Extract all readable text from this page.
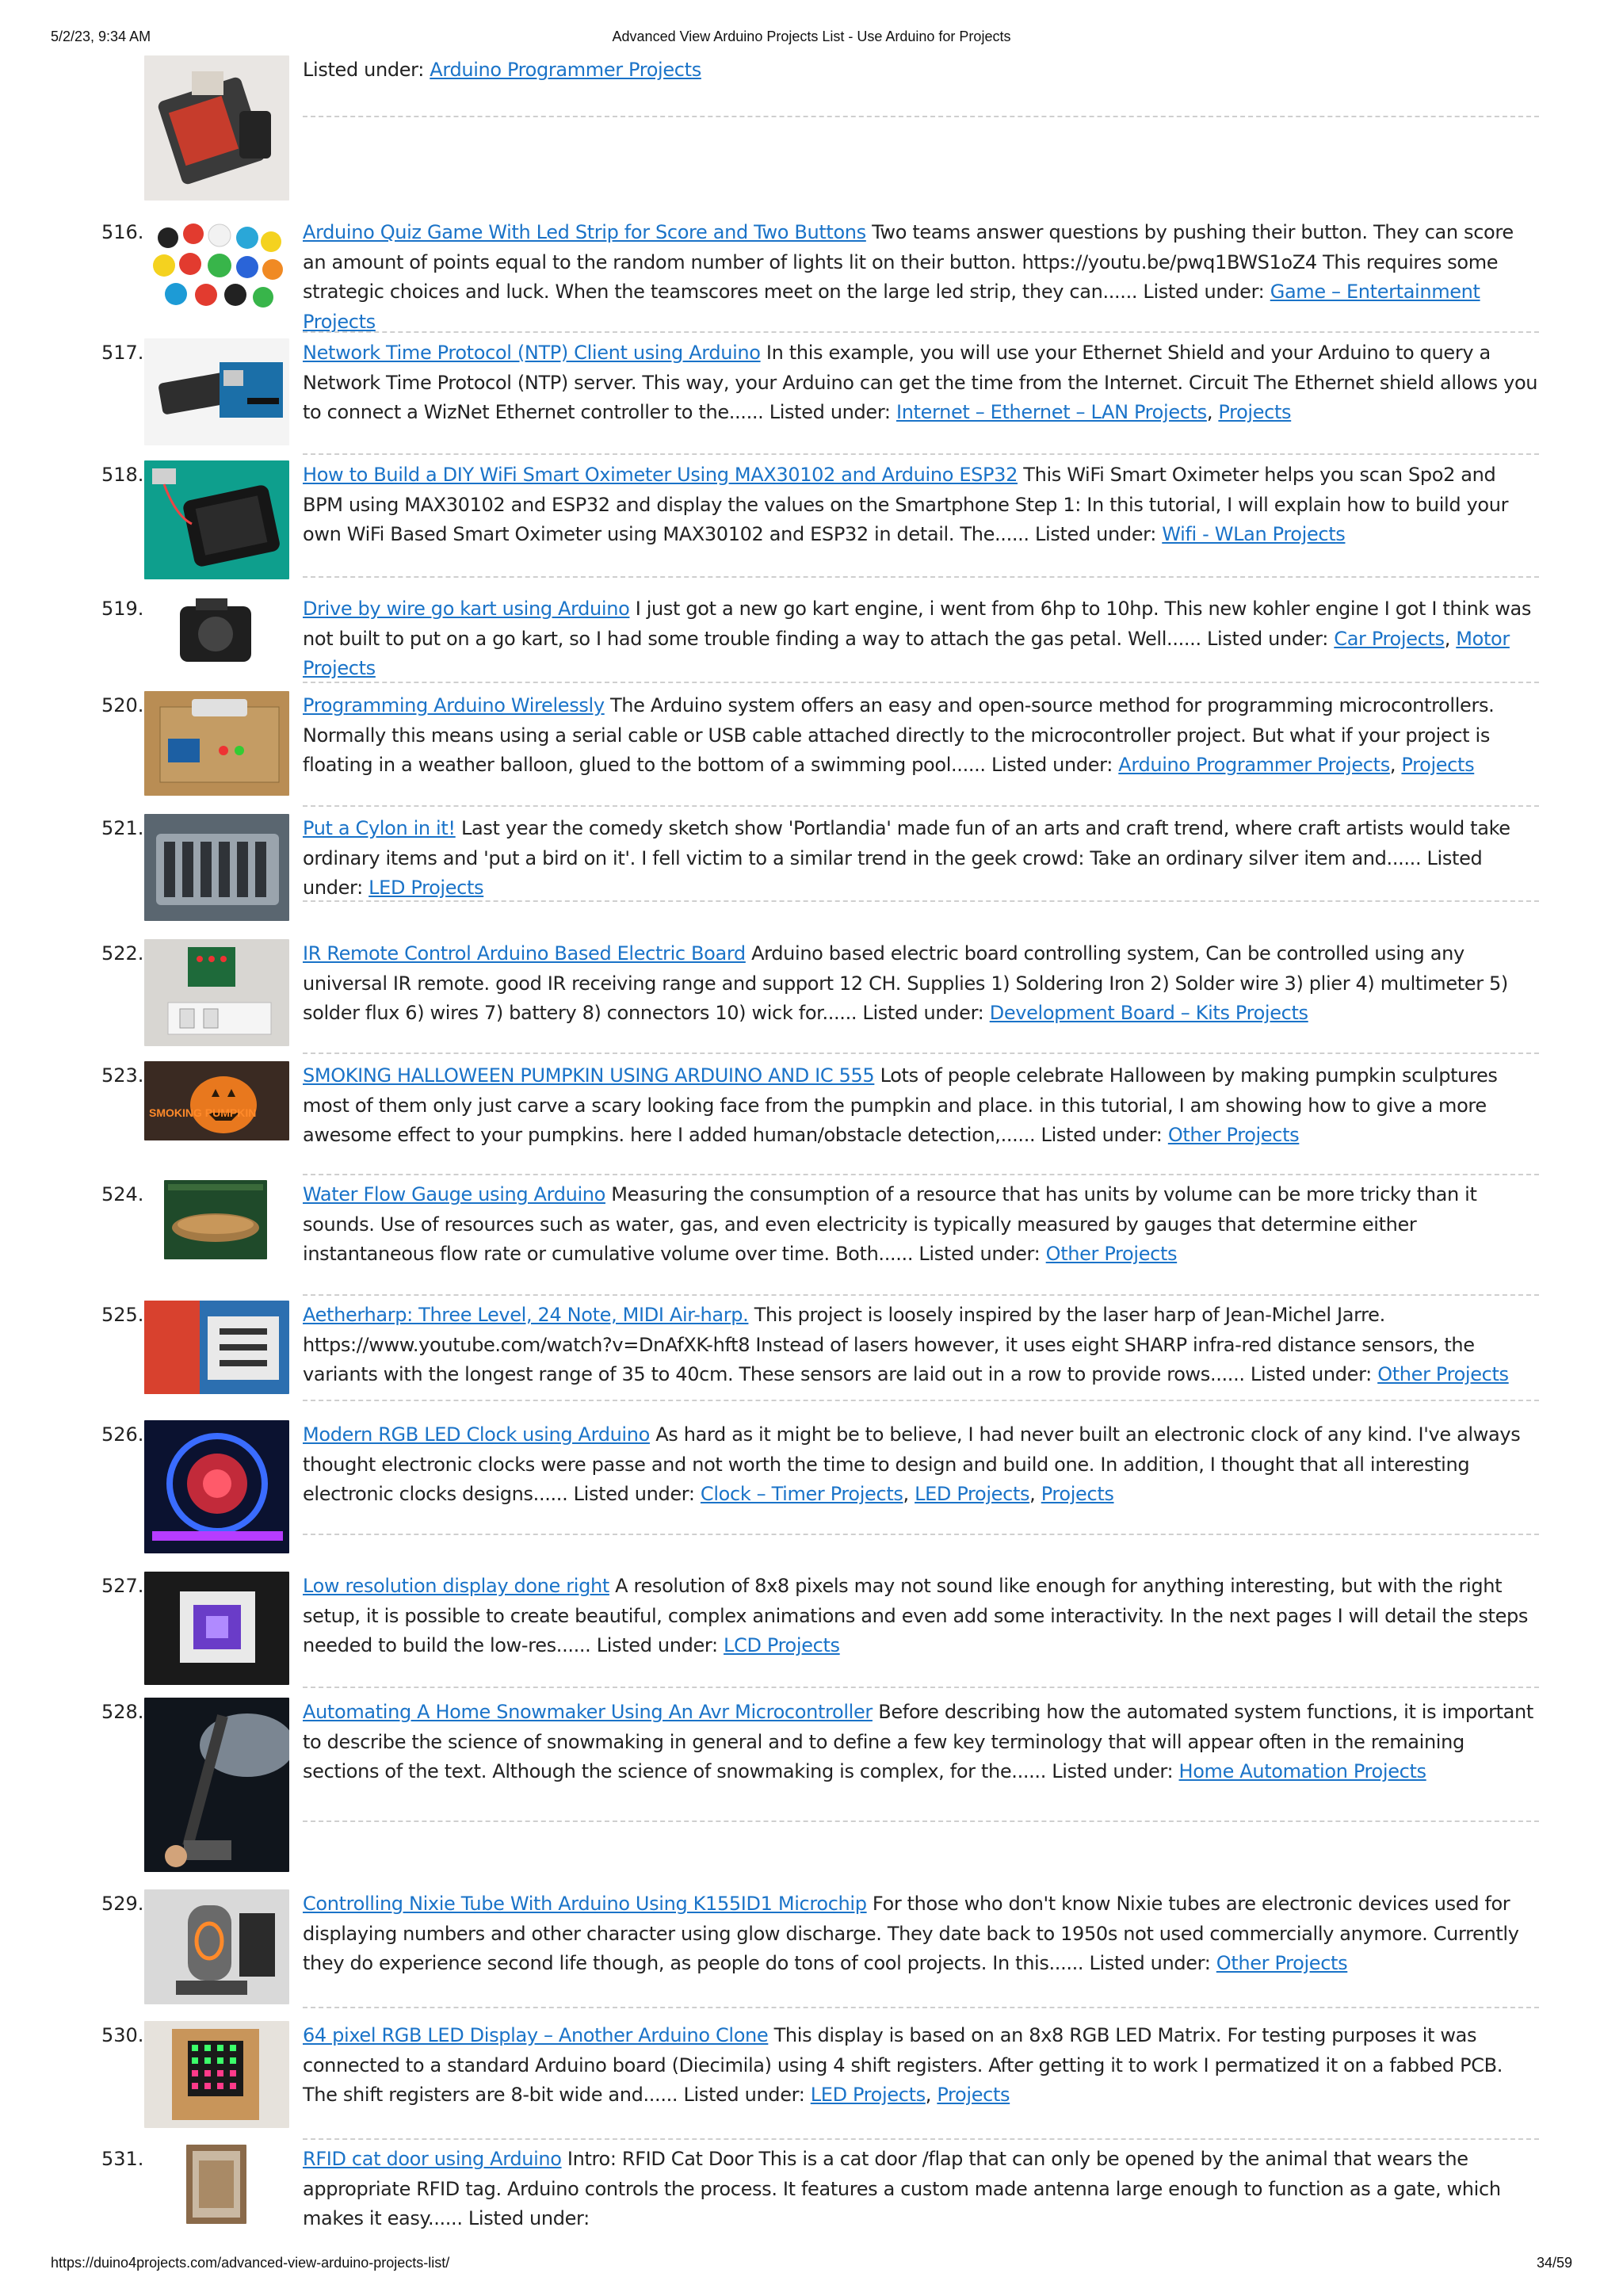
5/2/23, 9:34 AM	Advanced View Arduino Projects List - Use Arduino for Projects
Listed under: Arduino Programmer Projects
516.	Arduino Quiz Game With Led Strip for Score and Two Buttons Two teams answer questions by pushing their button. They can score an amount of points equal to the random number of lights lit on their button. https://youtu.be/pwq1BWS1oZ4 This requires some strategic choices and luck. When the teamscores meet on the large led strip, they can...... Listed under: Game – Entertainment Projects
517.	Network Time Protocol (NTP) Client using Arduino In this example, you will use your Ethernet Shield and your Arduino to query a Network Time Protocol (NTP) server. This way, your Arduino can get the time from the Internet. Circuit The Ethernet shield allows you to connect a WizNet Ethernet controller to the...... Listed under: Internet – Ethernet – LAN Projects, Projects
518.	How to Build a DIY WiFi Smart Oximeter Using MAX30102 and Arduino ESP32 This WiFi Smart Oximeter helps you scan Spo2 and BPM using MAX30102 and ESP32 and display the values on the Smartphone Step 1: In this tutorial, I will explain how to build your own WiFi Based Smart Oximeter using MAX30102 and ESP32 in detail. The...... Listed under: Wifi - WLan Projects
519.	Drive by wire go kart using Arduino I just got a new go kart engine, i went from 6hp to 10hp. This new kohler engine I got I think was not built to put on a go kart, so I had some trouble finding a way to attach the gas petal. Well...... Listed under: Car Projects, Motor Projects
520.	Programming Arduino Wirelessly The Arduino system offers an easy and open-source method for programming microcontrollers. Normally this means using a serial cable or USB cable attached directly to the microcontroller project. But what if your project is floating in a weather balloon, glued to the bottom of a swimming pool...... Listed under: Arduino Programmer Projects, Projects
521.	Put a Cylon in it! Last year the comedy sketch show 'Portlandia' made fun of an arts and craft trend, where craft artists would take ordinary items and 'put a bird on it'. I fell victim to a similar trend in the geek crowd: Take an ordinary silver item and...... Listed under: LED Projects
522.	IR Remote Control Arduino Based Electric Board Arduino based electric board controlling system, Can be controlled using any universal IR remote. good IR receiving range and support 12 CH. Supplies 1) Soldering Iron 2) Solder wire 3) plier 4) multimeter 5) solder flux 6) wires 7) battery 8) connectors 10) wick for...... Listed under: Development Board – Kits Projects
523.
SMOKING PUMPKIN
SMOKING HALLOWEEN PUMPKIN USING ARDUINO AND IC 555 Lots of people celebrate Halloween by making pumpkin sculptures most of them only just carve a scary looking face from the pumpkin and place. in this tutorial, I am showing how to give a more awesome effect to your pumpkins. here I added human/obstacle detection,...... Listed under: Other Projects
524.	Water Flow Gauge using Arduino Measuring the consumption of a resource that has units by volume can be more tricky than it sounds. Use of resources such as water, gas, and even electricity is typically measured by gauges that determine either instantaneous flow rate or cumulative volume over time. Both...... Listed under: Other Projects
525.	Aetherharp: Three Level, 24 Note, MIDI Air-harp. This project is loosely inspired by the laser harp of Jean-Michel Jarre. https://www.youtube.com/watch?v=DnAfXK-hft8 Instead of lasers however, it uses eight SHARP infra-red distance sensors, the variants with the longest range of 35 to 40cm. These sensors are laid out in a row to provide rows...... Listed under: Other Projects
526.	Modern RGB LED Clock using Arduino As hard as it might be to believe, I had never built an electronic clock of any kind. I've always thought electronic clocks were passe and not worth the time to design and build one. In addition, I thought that all interesting electronic clocks designs...... Listed under: Clock – Timer Projects, LED Projects, Projects
527.	Low resolution display done right A resolution of 8x8 pixels may not sound like enough for anything interesting, but with the right setup, it is possible to create beautiful, complex animations and even add some interactivity. In the next pages I will detail the steps needed to build the low-res...... Listed under: LCD Projects
528.	Automating A Home Snowmaker Using An Avr Microcontroller Before describing how the automated system functions, it is important to describe the science of snowmaking in general and to define a few key terminology that will appear often in the remaining sections of the text. Although the science of snowmaking is complex, for the...... Listed under: Home Automation Projects
529.	Controlling Nixie Tube With Arduino Using K155ID1 Microchip For those who don't know Nixie tubes are electronic devices used for displaying numbers and other character using glow discharge. They date back to 1950s not used commercially anymore. Currently they do experience second life though, as people do tons of cool projects. In this...... Listed under: Other Projects
530.	64 pixel RGB LED Display – Another Arduino Clone This display is based on an 8x8 RGB LED Matrix. For testing purposes it was connected to a standard Arduino board (Diecimila) using 4 shift registers. After getting it to work I permatized it on a fabbed PCB. The shift registers are 8-bit wide and...... Listed under: LED Projects, Projects
531.	RFID cat door using Arduino Intro: RFID Cat Door This is a cat door /flap that can only be opened by the animal that wears the appropriate RFID tag. Arduino controls the process. It features a custom made antenna large enough to function as a gate, which makes it easy...... Listed under:
https://duino4projects.com/advanced-view-arduino-projects-list/	34/59
